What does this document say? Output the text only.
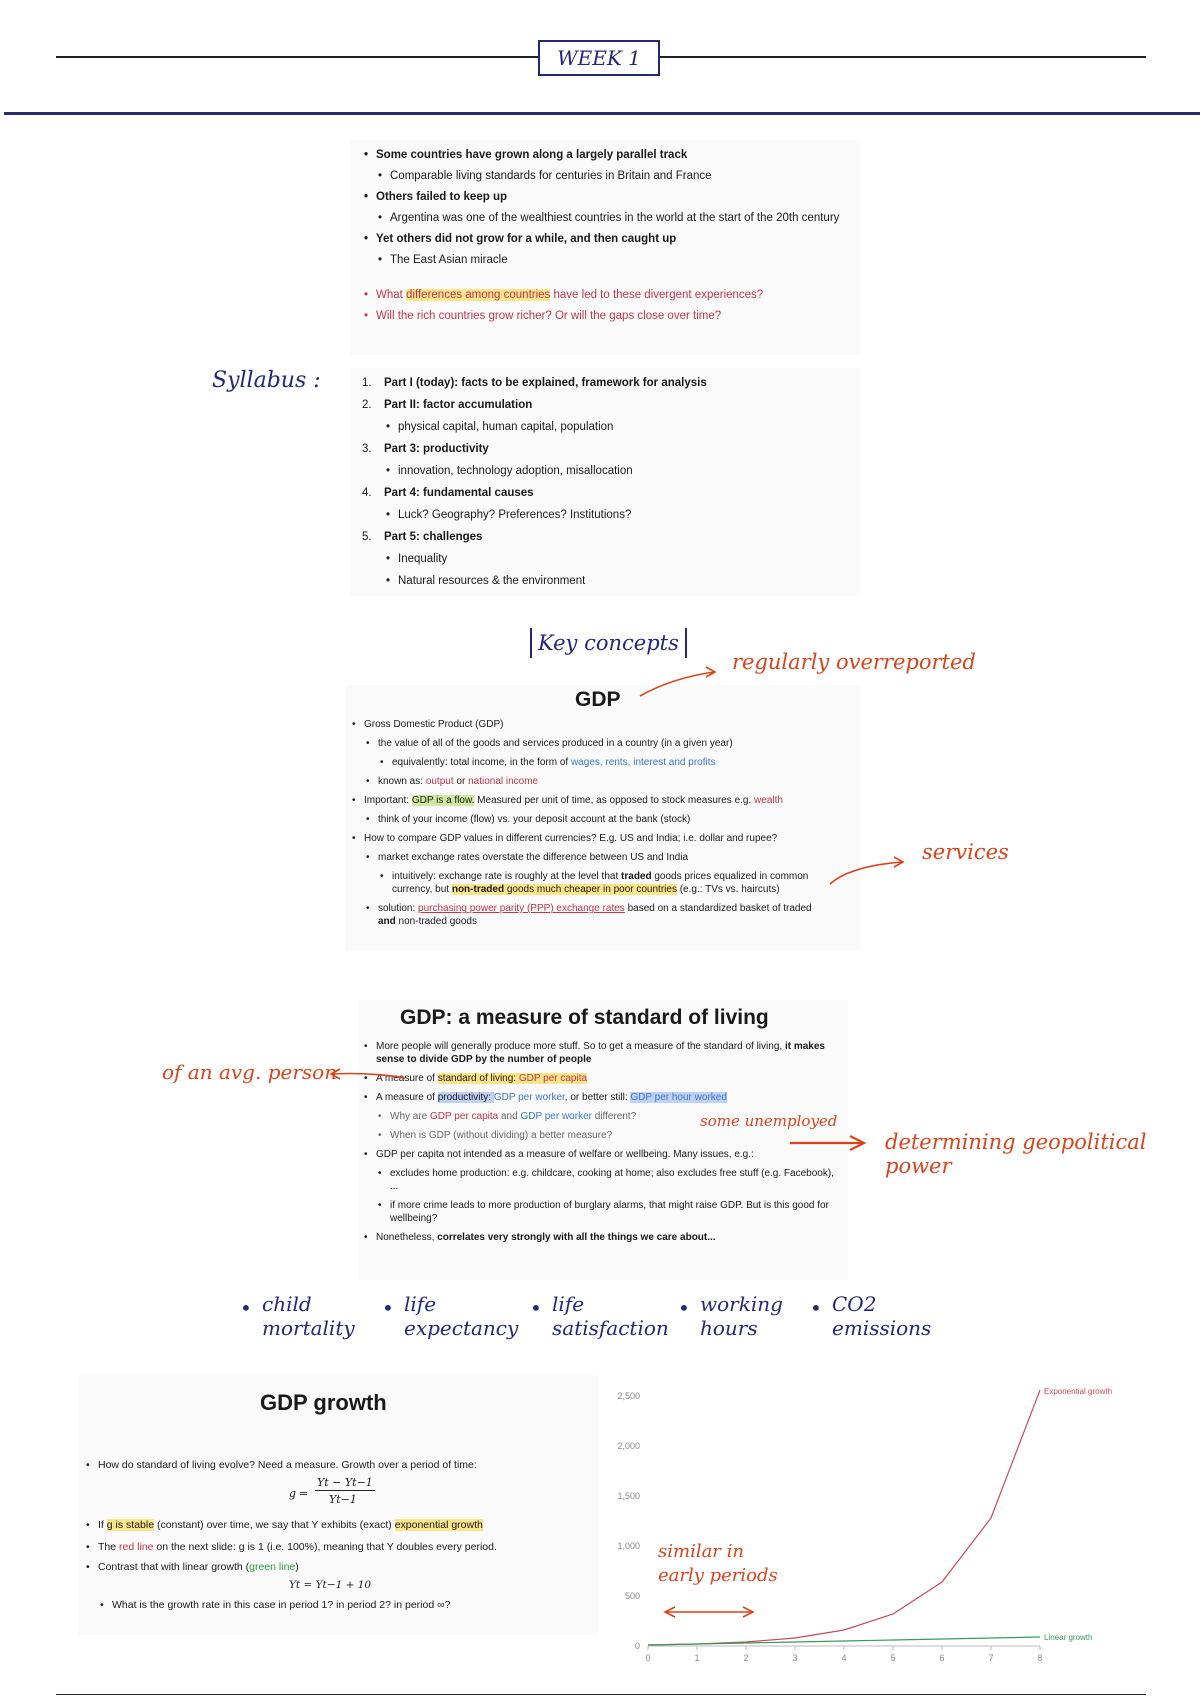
WEEK 1
• Some countries have grown along a largely parallel track
• Comparable living standards for centuries in Britain and France
• Others failed to keep up
• Argentina was one of the wealthiest countries in the world at the start of the 20th century
• Yet others did not grow for a while, and then caught up
• The East Asian miracle
• What differences among countries have led to these divergent experiences?
• Will the rich countries grow richer? Or will the gaps close over time?
Syllabus :	1. Part I (today): facts to be explained, framework for analysis
2. Part II: factor accumulation
• physical capital, human capital, population
3. Part 3: productivity
• innovation, technology adoption, misallocation
4. Part 4: fundamental causes
• Luck? Geography? Preferences? Institutions?
5. Part 5: challenges
• Inequality
• Natural resources & the environment
Key concepts
GDP
regularly overreported
• Gross Domestic Product (GDP)
• the value of all of the goods and services produced in a country (in a given year)
• equivalently: total income, in the form of wages, rents, interest and profits
• known as: output or national income
• Important: GDP is a flow. Measured per unit of time, as opposed to stock measures e.g. wealth
• think of your income (flow) vs. your deposit account at the bank (stock)
• How to compare GDP values in different currencies? E.g. US and India; i.e. dollar and rupee?
• market exchange rates overstate the difference between US and India
• intuitively: exchange rate is roughly at the level that traded goods prices equalized in common currency, but non-traded goods much cheaper in poor countries (e.g.: TVs vs. haircuts)
• solution: purchasing power parity (PPP) exchange rates based on a standardized basket of traded and non-traded goods
services
GDP: a measure of standard of living
of an avg. person
• More people will generally produce more stuff. So to get a measure of the standard of living, it makes sense to divide GDP by the number of people
• A measure of standard of living: GDP per capita
• A measure of productivity: GDP per worker, or better still: GDP per hour worked
• Why are GDP per capita and GDP per worker different?
• When is GDP (without dividing) a better measure?
• GDP per capita not intended as a measure of welfare or wellbeing. Many issues, e.g.:
• excludes home production: e.g. childcare, cooking at home; also excludes free stuff (e.g. Facebook), ...
• if more crime leads to more production of burglary alarms, that might raise GDP. But is this good for wellbeing?
• Nonetheless, correlates very strongly with all the things we care about...
some unemployed
determining geopolitical power
• child mortality
• life expectancy
• life satisfaction
• working hours
• CO2 emissions
GDP growth
• How do standard of living evolve? Need a measure. Growth over a period of time:
g =
Yt − Yt−1
Yt−1
• If g is stable (constant) over time, we say that Y exhibits (exact) exponential growth
• The red line on the next slide: g is 1 (i.e. 100%), meaning that Y doubles every period.
• Contrast that with linear growth (green line)
Yt = Yt−1 + 10
• What is the growth rate in this case in period 1? in period 2? in period ∞?
0
500
1,000
1,500
2,000
2,500
0	1	2	3	4	5	6	7	8
Exponential growth
Linear growth
similar in early periods
